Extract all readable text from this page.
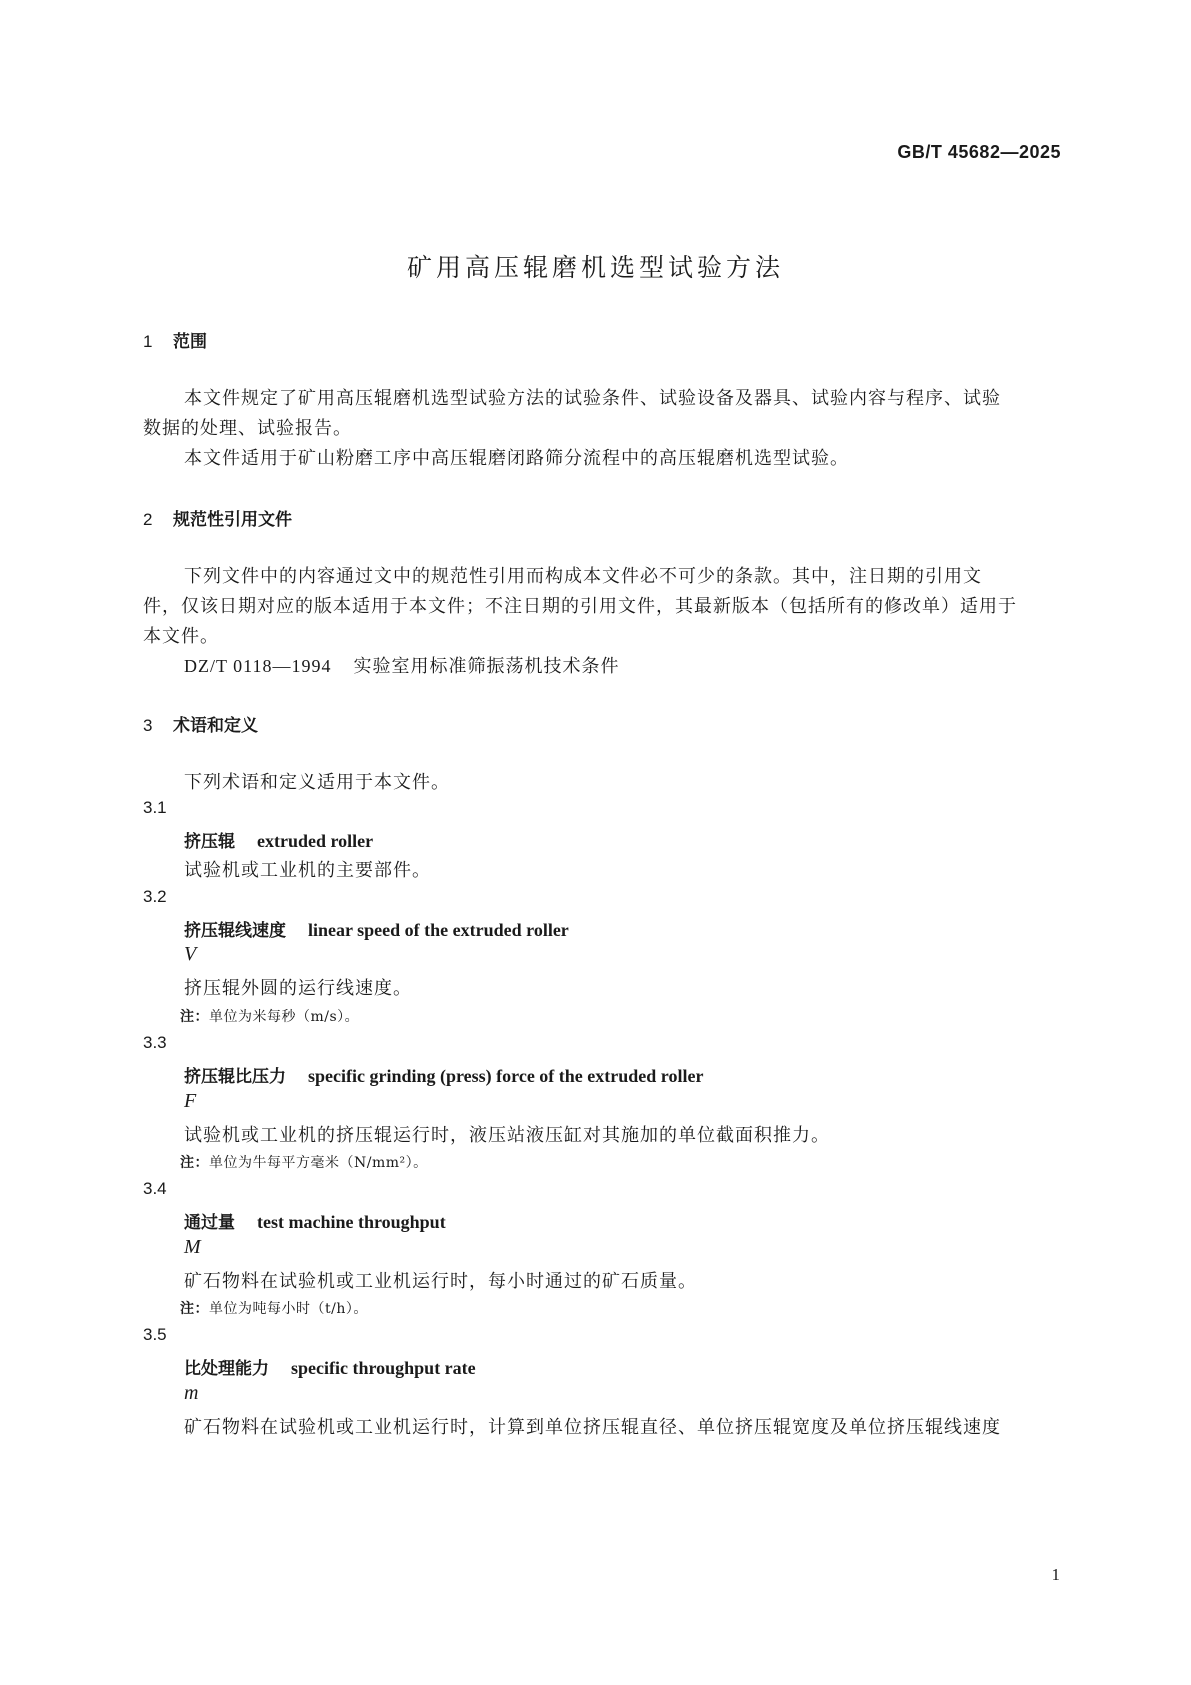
GB/T 45682—2025
矿用高压辊磨机选型试验方法
1 范围
本文件规定了矿用高压辊磨机选型试验方法的试验条件、试验设备及器具、试验内容与程序、试验
数据的处理、试验报告。
本文件适用于矿山粉磨工序中高压辊磨闭路筛分流程中的高压辊磨机选型试验。
2 规范性引用文件
下列文件中的内容通过文中的规范性引用而构成本文件必不可少的条款。其中，注日期的引用文
件，仅该日期对应的版本适用于本文件；不注日期的引用文件，其最新版本（包括所有的修改单）适用于
本文件。
DZ/T 0118—1994 实验室用标准筛振荡机技术条件
3 术语和定义
下列术语和定义适用于本文件。
3.1
挤压辊 extruded roller
试验机或工业机的主要部件。
3.2
挤压辊线速度 linear speed of the extruded roller
V
挤压辊外圆的运行线速度。
注：单位为米每秒（m/s）。
3.3
挤压辊比压力 specific grinding (press) force of the extruded roller
F
试验机或工业机的挤压辊运行时，液压站液压缸对其施加的单位截面积推力。
注：单位为牛每平方毫米（N/mm²）。
3.4
通过量 test machine throughput
M
矿石物料在试验机或工业机运行时，每小时通过的矿石质量。
注：单位为吨每小时（t/h）。
3.5
比处理能力 specific throughput rate
m
矿石物料在试验机或工业机运行时，计算到单位挤压辊直径、单位挤压辊宽度及单位挤压辊线速度
1
